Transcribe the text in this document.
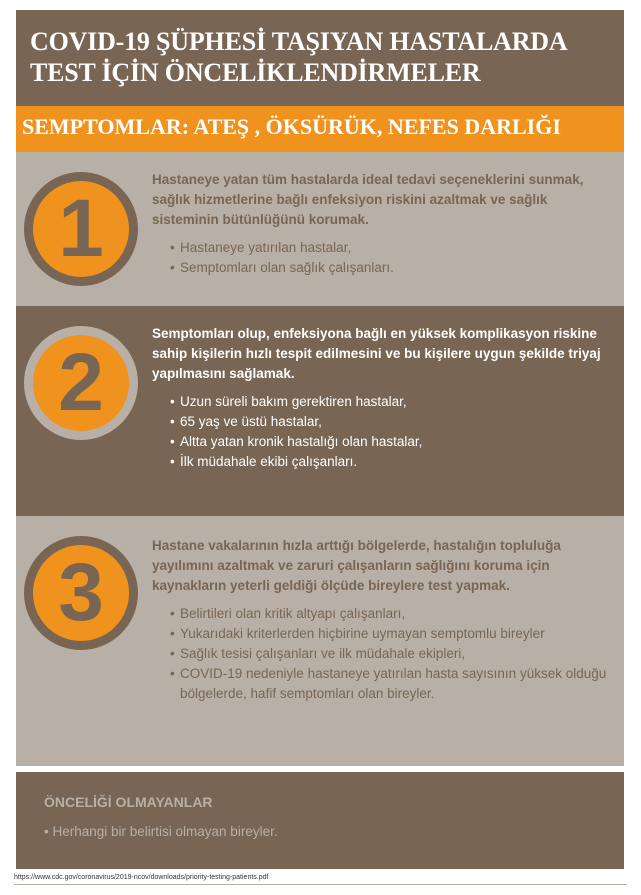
COVID-19 ŞÜPHESİ TAŞIYAN HASTALARDA
TEST İÇİN ÖNCELİKLENDİRMELER
SEMPTOMLAR: ATEŞ , ÖKSÜRÜK, NEFES DARLIĞI
1
Hastaneye yatan tüm hastalarda ideal tedavi seçeneklerini sunmak, sağlık hizmetlerine bağlı enfeksiyon riskini azaltmak ve sağlık sisteminin bütünlüğünü korumak.
• Hastaneye yatırılan hastalar,
• Semptomları olan sağlık çalışanları.
2
Semptomları olup, enfeksiyona bağlı en yüksek komplikasyon riskine sahip kişilerin hızlı tespit edilmesini ve bu kişilere uygun şekilde triyaj yapılmasını sağlamak.
• Uzun süreli bakım gerektiren hastalar,
• 65 yaş ve üstü hastalar,
• Altta yatan kronik hastalığı olan hastalar,
• İlk müdahale ekibi çalışanları.
3
Hastane vakalarının hızla arttığı bölgelerde, hastalığın topluluğa yayılımını azaltmak ve zaruri çalışanların sağlığını koruma için kaynakların yeterli geldiği ölçüde bireylere test yapmak.
• Belirtileri olan kritik altyapı çalışanları,
• Yukarıdaki kriterlerden hiçbirine uymayan semptomlu bireyler
• Sağlık tesisi çalışanları ve ilk müdahale ekipleri,
• COVID-19 nedeniyle hastaneye yatırılan hasta sayısının yüksek olduğu bölgelerde, hafif semptomları olan bireyler.
ÖNCELİĞİ OLMAYANLAR
• Herhangi bir belirtisi olmayan bireyler.
https://www.cdc.gov/coronavirus/2019-ncov/downloads/priority-testing-patients.pdf
